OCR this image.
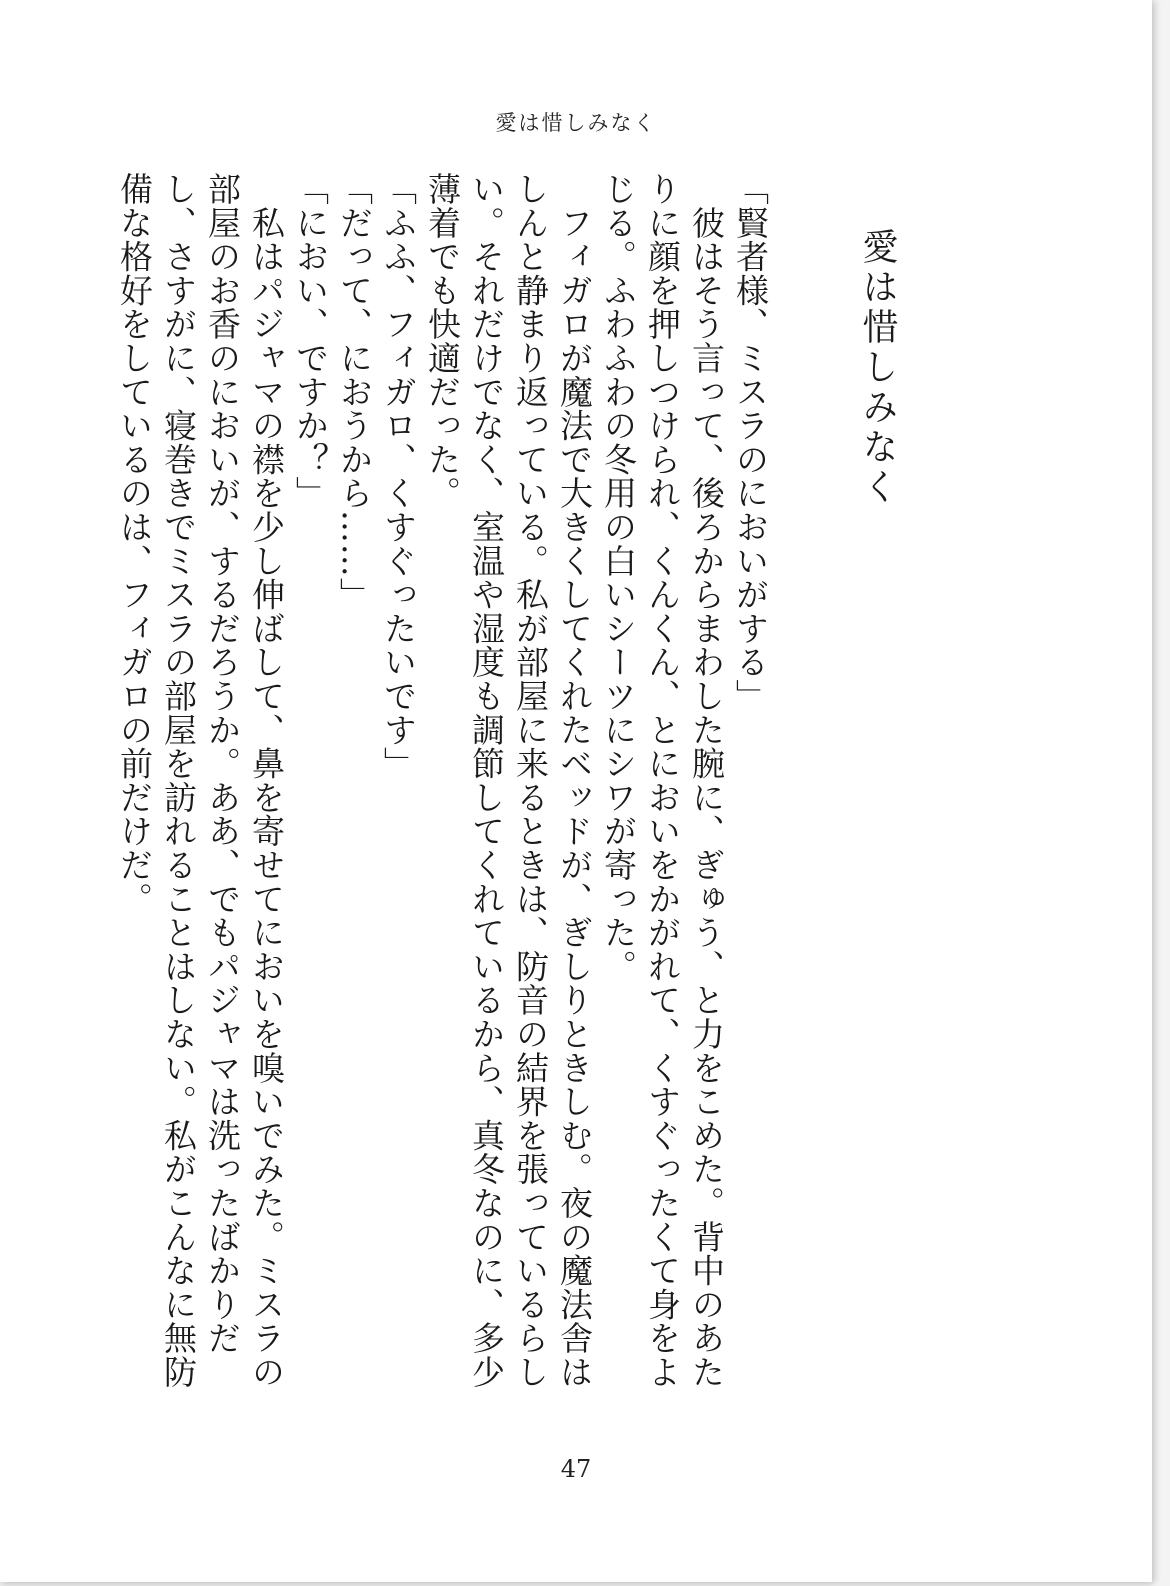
愛は惜しみなく
愛は惜しみなく

「賢者様、ミスラのにおいがする」

　彼はそう言って、後ろからまわした腕に、ぎゅう、と力をこめた。背中のあたりに顔を押しつけられ、くんくん、とにおいをかがれて、くすぐったくて身をよじる。ふわふわの冬用の白いシーツにシワが寄った。

　フィガロが魔法で大きくしてくれたベッドが、ぎしりときしむ。夜の魔法舎はしんと静まり返っている。私が部屋に来るときは、防音の結界を張っているらしい。それだけでなく、室温や湿度も調節してくれているから、真冬なのに、多少薄着でも快適だった。

「ふふ、フィガロ、くすぐったいです」

「だって、におうから……」

「におい、ですか？」

　私はパジャマの襟を少し伸ばして、鼻を寄せてにおいを嗅いでみた。ミスラの部屋のお香のにおいが、するだろうか。ああ、でもパジャマは洗ったばかりだし、さすがに、寝巻きでミスラの部屋を訪れることはしない。私がこんなに無防備な格好をしているのは、フィガロの前だけだ。

47
